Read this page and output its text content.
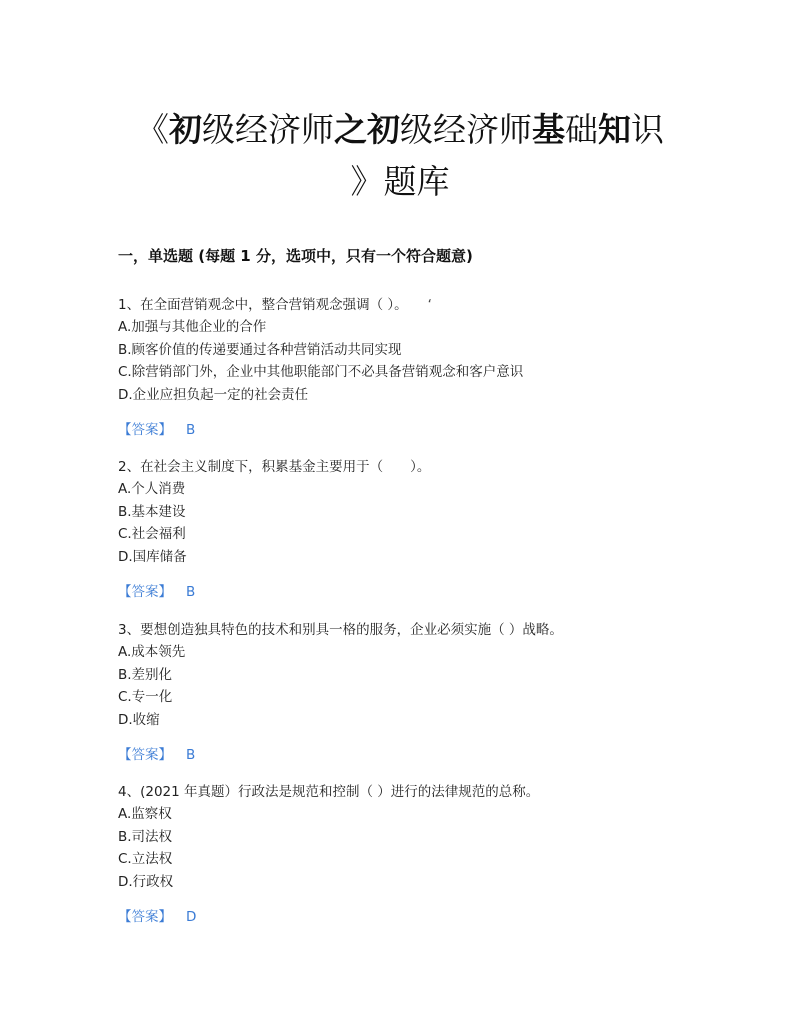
《初级经济师之初级经济师基础知识
》题库
一，单选题 (每题 1 分，选项中，只有一个符合题意)
1、在全面营销观念中，整合营销观念强调（ ）。 ‘
A.加强与其他企业的合作
B.顾客价值的传递要通过各种营销活动共同实现
C.除营销部门外，企业中其他职能部门不必具备营销观念和客户意识
D.企业应担负起一定的社会责任
【答案】 B
2、在社会主义制度下，积累基金主要用于（　　）。
A.个人消费
B.基本建设
C.社会福利
D.国库储备
【答案】 B
3、要想创造独具特色的技术和别具一格的服务，企业必须实施（ ）战略。
A.成本领先
B.差别化
C.专一化
D.收缩
【答案】 B
4、(2021 年真题）行政法是规范和控制（ ）进行的法律规范的总称。
A.监察权
B.司法权
C.立法权
D.行政权
【答案】 D
